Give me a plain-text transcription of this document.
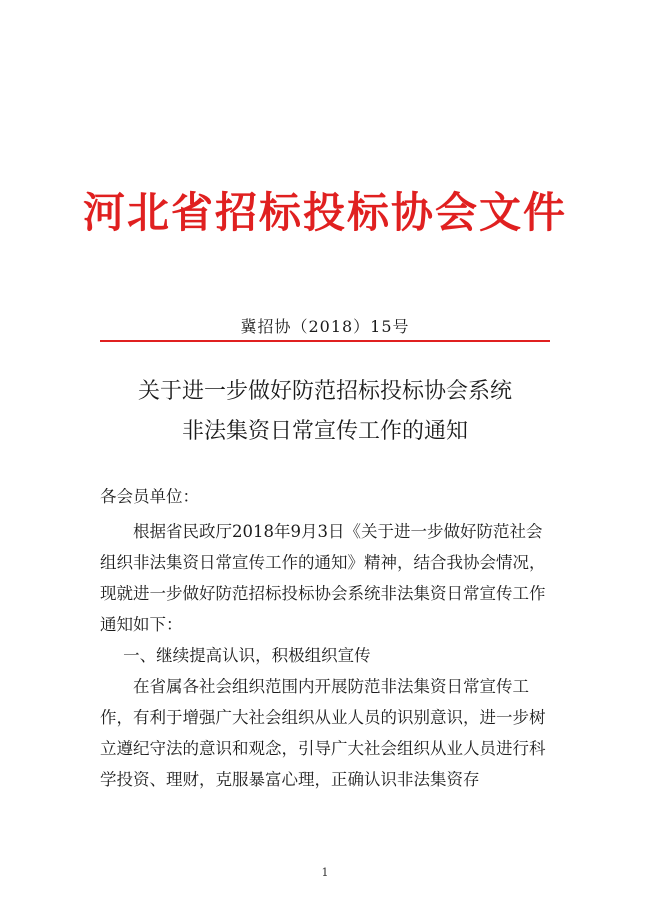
河北省招标投标协会文件
冀招协（2018）15号
关于进一步做好防范招标投标协会系统
非法集资日常宣传工作的通知

各会员单位：

根据省民政厅2018年9月3日《关于进一步做好防范社会组织非法集资日常宣传工作的通知》精神，结合我协会情况，现就进一步做好防范招标投标协会系统非法集资日常宣传工作通知如下：

一、继续提高认识，积极组织宣传

在省属各社会组织范围内开展防范非法集资日常宣传工作，有利于增强广大社会组织从业人员的识别意识，进一步树立遵纪守法的意识和观念，引导广大社会组织从业人员进行科学投资、理财，克服暴富心理，正确认识非法集资存

1
